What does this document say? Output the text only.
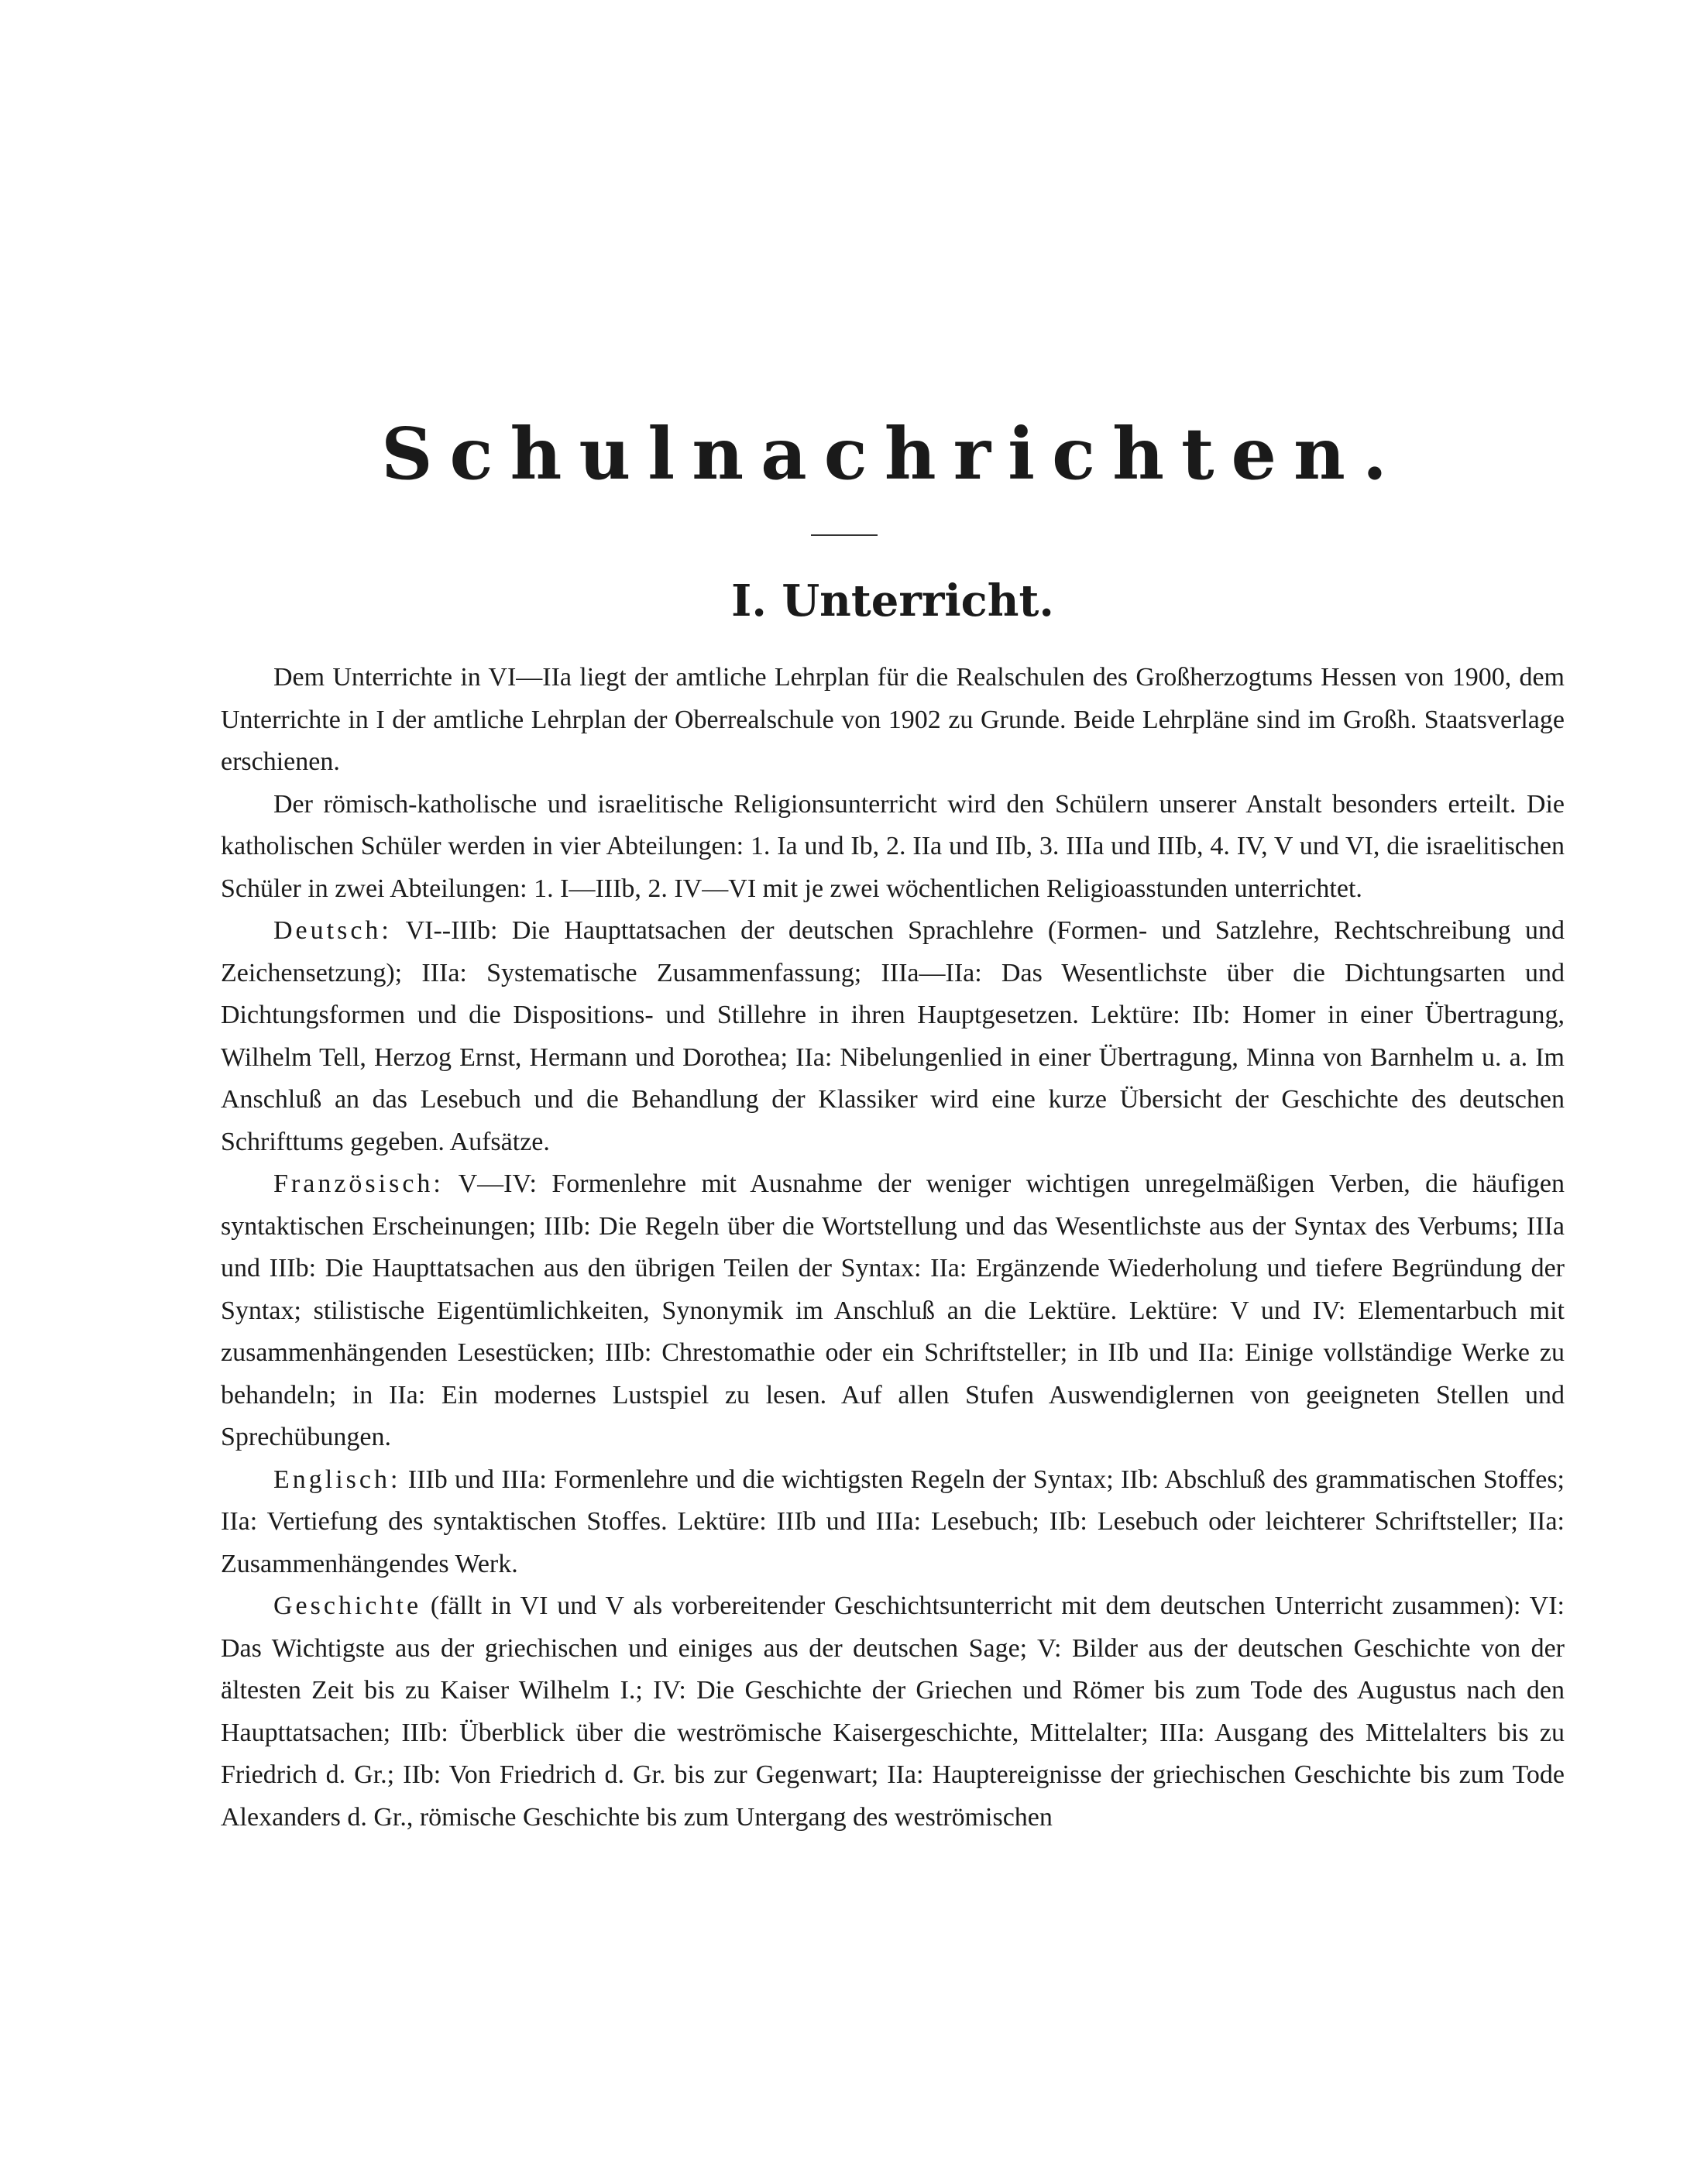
Schulnachrichten.
I. Unterricht.

Dem Unterrichte in VI—IIa liegt der amtliche Lehrplan für die Realschulen des Großherzogtums Hessen von 1900, dem Unterrichte in I der amtliche Lehrplan der Oberrealschule von 1902 zu Grunde. Beide Lehrpläne sind im Großh. Staatsverlage erschienen.

Der römisch-katholische und israelitische Religionsunterricht wird den Schülern unserer Anstalt besonders erteilt. Die katholischen Schüler werden in vier Abteilungen: 1. Ia und Ib, 2. IIa und IIb, 3. IIIa und IIIb, 4. IV, V und VI, die israelitischen Schüler in zwei Abteilungen: 1. I—IIIb, 2. IV—VI mit je zwei wöchentlichen Religioasstunden unterrichtet.

Deutsch: VI--IIIb: Die Haupttatsachen der deutschen Sprachlehre (Formen- und Satzlehre, Rechtschreibung und Zeichensetzung); IIIa: Systematische Zusammenfassung; IIIa—IIa: Das Wesentlichste über die Dichtungsarten und Dichtungsformen und die Dispositions- und Stillehre in ihren Hauptgesetzen. Lektüre: IIb: Homer in einer Übertragung, Wilhelm Tell, Herzog Ernst, Hermann und Dorothea; IIa: Nibelungenlied in einer Übertragung, Minna von Barnhelm u. a. Im Anschluß an das Lesebuch und die Behandlung der Klassiker wird eine kurze Übersicht der Geschichte des deutschen Schrifttums gegeben. Aufsätze.

Französisch: V—IV: Formenlehre mit Ausnahme der weniger wichtigen unregelmäßigen Verben, die häufigen syntaktischen Erscheinungen; IIIb: Die Regeln über die Wortstellung und das Wesentlichste aus der Syntax des Verbums; IIIa und IIIb: Die Haupttatsachen aus den übrigen Teilen der Syntax: IIa: Ergänzende Wiederholung und tiefere Begründung der Syntax; stilistische Eigentümlichkeiten, Synonymik im Anschluß an die Lektüre. Lektüre: V und IV: Elementarbuch mit zusammenhängenden Lesestücken; IIIb: Chrestomathie oder ein Schriftsteller; in IIb und IIa: Einige vollständige Werke zu behandeln; in IIa: Ein modernes Lustspiel zu lesen. Auf allen Stufen Auswendiglernen von geeigneten Stellen und Sprechübungen.

Englisch: IIIb und IIIa: Formenlehre und die wichtigsten Regeln der Syntax; IIb: Abschluß des grammatischen Stoffes; IIa: Vertiefung des syntaktischen Stoffes. Lektüre: IIIb und IIIa: Lesebuch; IIb: Lesebuch oder leichterer Schriftsteller; IIa: Zusammenhängendes Werk.

Geschichte (fällt in VI und V als vorbereitender Geschichtsunterricht mit dem deutschen Unterricht zusammen): VI: Das Wichtigste aus der griechischen und einiges aus der deutschen Sage; V: Bilder aus der deutschen Geschichte von der ältesten Zeit bis zu Kaiser Wilhelm I.; IV: Die Geschichte der Griechen und Römer bis zum Tode des Augustus nach den Haupttatsachen; IIIb: Überblick über die weströmische Kaisergeschichte, Mittelalter; IIIa: Ausgang des Mittelalters bis zu Friedrich d. Gr.; IIb: Von Friedrich d. Gr. bis zur Gegenwart; IIa: Hauptereignisse der griechischen Geschichte bis zum Tode Alexanders d. Gr., römische Geschichte bis zum Untergang des weströmischen
